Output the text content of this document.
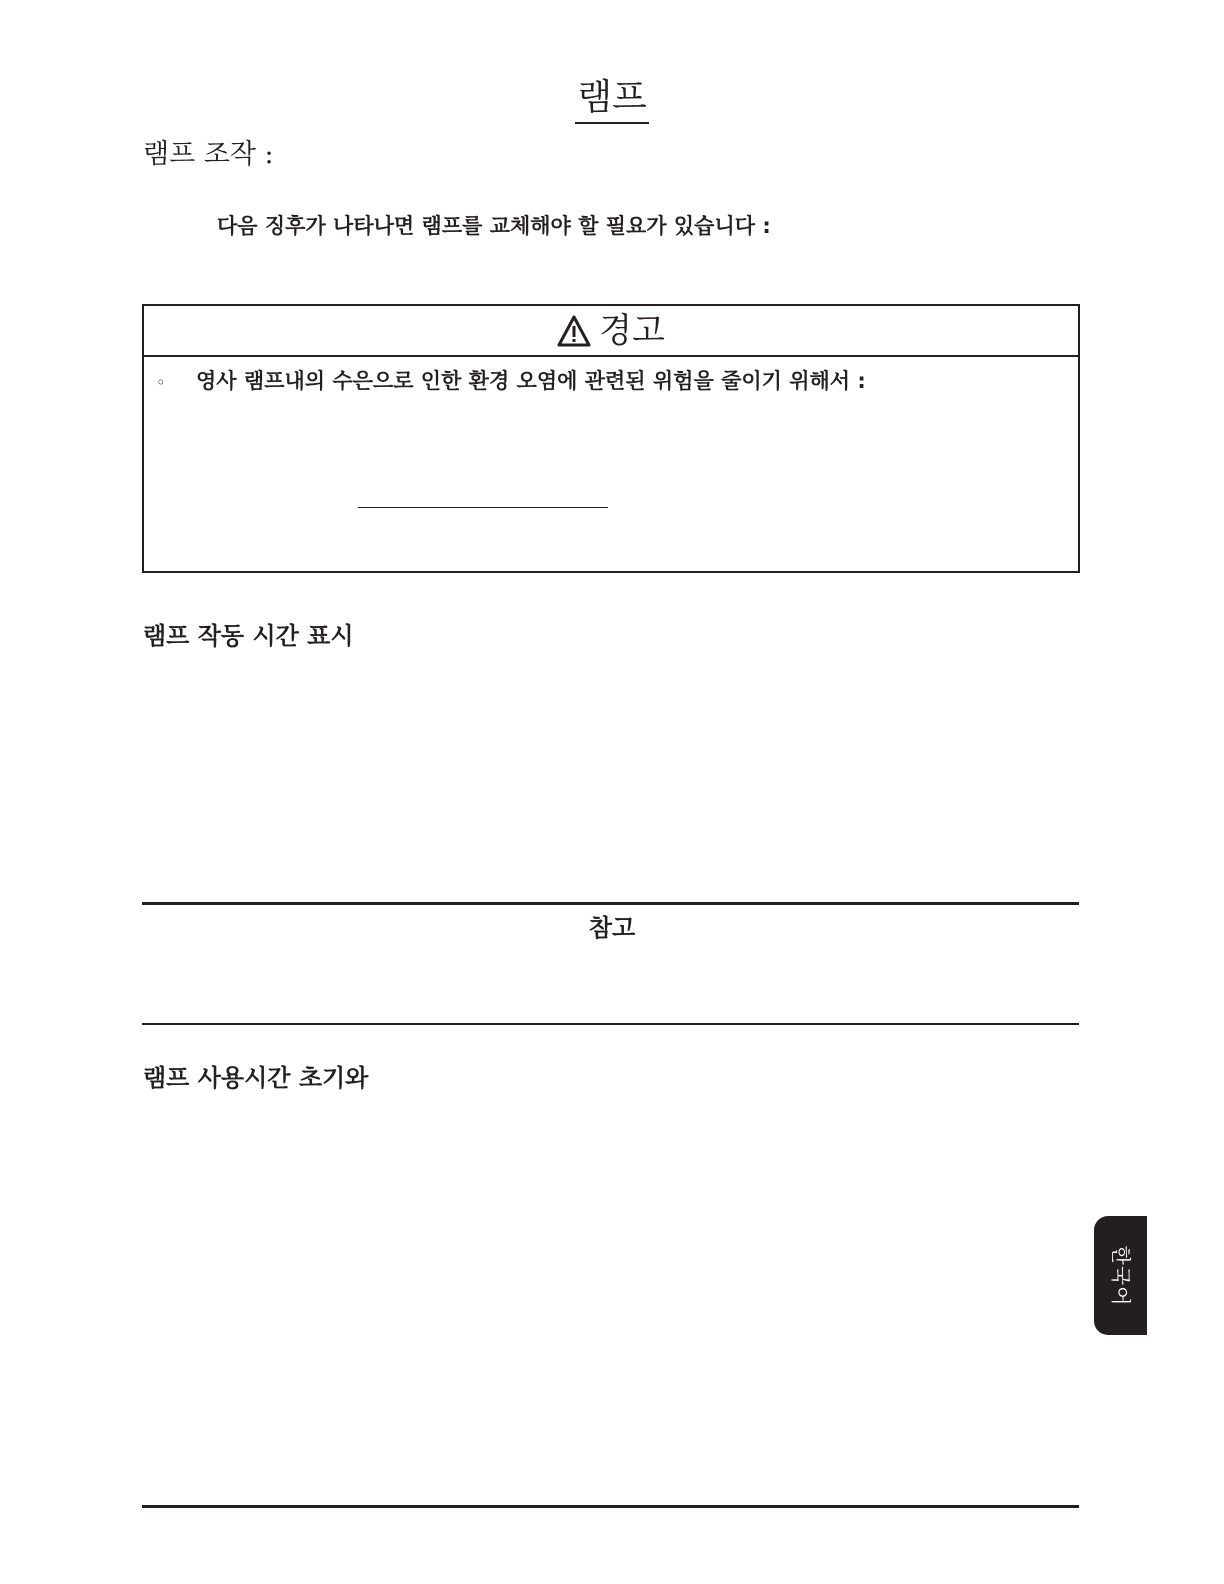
램프
램프 조작 :
다음 징후가 나타나면 램프를 교체해야 할 필요가 있습니다 :
경고
◦ 영사 램프내의 수은으로 인한 환경 오염에 관련된 위험을 줄이기 위해서 :
램프 작동 시간 표시
참고
램프 사용시간 초기와
한국어
